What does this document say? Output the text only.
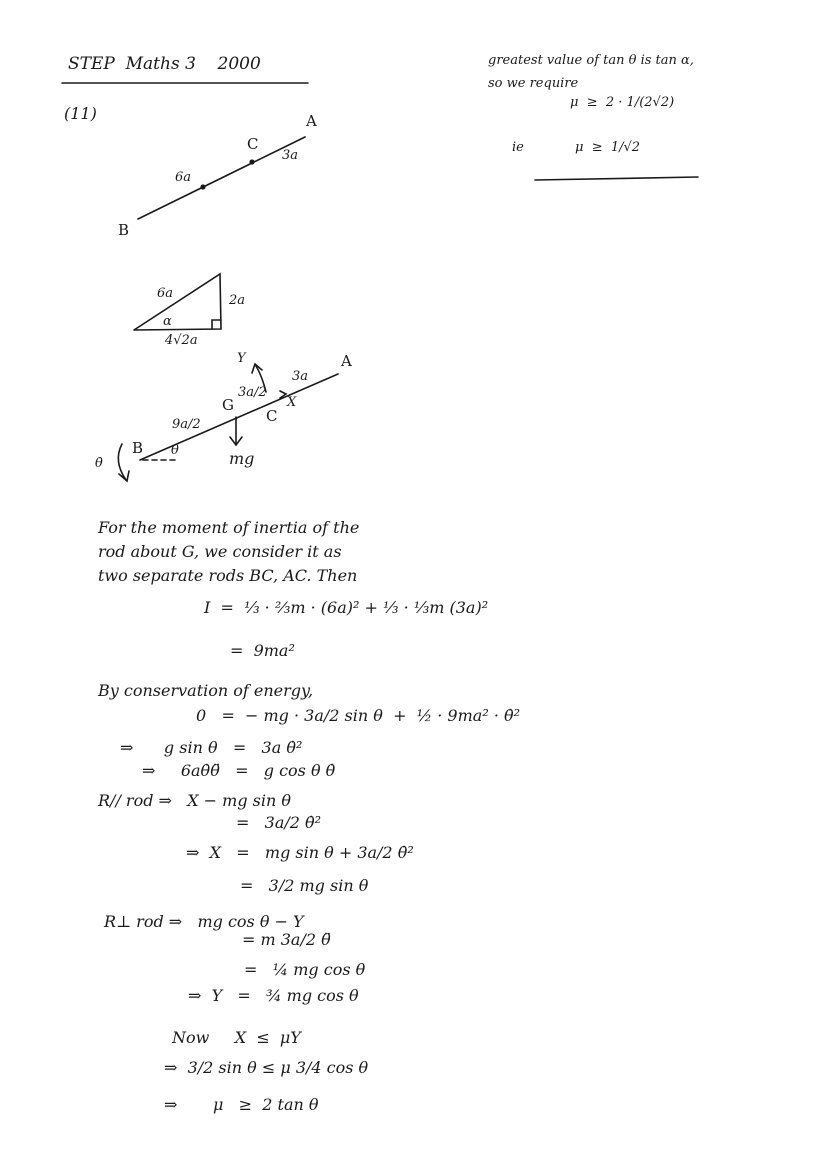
STEP  Maths 3    2000
(11)
greatest value of tan θ is tan α,
so we require
μ  ≥  2 · 1/(2√2)
ie	μ  ≥  1/√2
A
C
3a
6a
B
6a	2a
α
4√2a
A
Y
3a
3a/2
X
G
C
9a/2
B θ
θ̇	mg
For the moment of inertia of the
rod about G, we consider it as
two separate rods BC, AC. Then
I  =  ⅓ · ⅔m · (6a)² + ⅓ · ⅓m (3a)²
=  9ma²
By conservation of energy,
0   =  − mg · 3a/2 sin θ  +  ½ · 9ma² · θ̇²
⇒      g sin θ   =   3a θ̇²
⇒     6aθ̇θ̈   =   g cos θ θ̇
R// rod ⇒   X − mg sin θ
=   3a/2 θ̇²
⇒  X   =   mg sin θ + 3a/2 θ̇²
=   3/2 mg sin θ
R⊥ rod ⇒   mg cos θ − Y
= m 3a/2 θ̈
=   ¼ mg cos θ
⇒  Y   =   ¾ mg cos θ
Now     X  ≤  μY
⇒  3/2 sin θ ≤ μ 3/4 cos θ
⇒       μ   ≥  2 tan θ
